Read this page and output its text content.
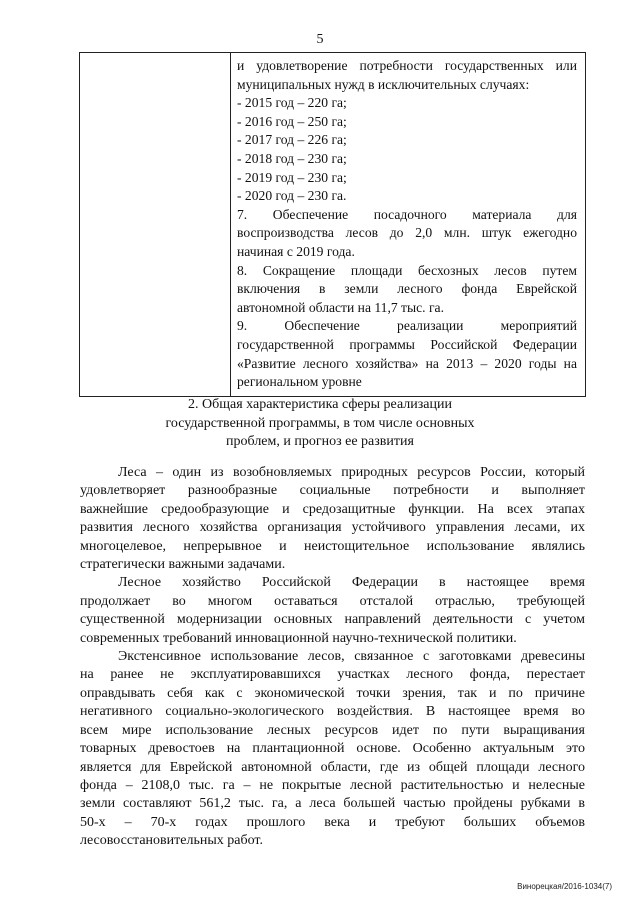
5

и удовлетворение потребности государственных или
муниципальных нужд в исключительных случаях:
- 2015 год – 220 га;
- 2016 год – 250 га;
- 2017 год – 226 га;
- 2018 год – 230 га;
- 2019 год – 230 га;
- 2020 год – 230 га.
7. Обеспечение посадочного материала для
воспроизводства лесов до 2,0 млн. штук ежегодно
начиная с 2019 года.
8. Сокращение площади бесхозных лесов путем
включения в земли лесного фонда Еврейской
автономной области на 11,7 тыс. га.
9. Обеспечение реализации мероприятий
государственной программы Российской Федерации
«Развитие лесного хозяйства» на 2013 – 2020 годы на
региональном уровне
2. Общая характеристика сферы реализации
государственной программы, в том числе основных
проблем, и прогноз ее развития

Леса – один из возобновляемых природных ресурсов России, который
удовлетворяет разнообразные социальные потребности и выполняет
важнейшие средообразующие и средозащитные функции. На всех этапах
развития лесного хозяйства организация устойчивого управления лесами, их
многоцелевое, непрерывное и неистощительное использование являлись
стратегически важными задачами.

Лесное хозяйство Российской Федерации в настоящее время
продолжает во многом оставаться отсталой отраслью, требующей
существенной модернизации основных направлений деятельности с учетом
современных требований инновационной научно-технической политики.

Экстенсивное использование лесов, связанное с заготовками древесины
на ранее не эксплуатировавшихся участках лесного фонда, перестает
оправдывать себя как с экономической точки зрения, так и по причине
негативного социально-экологического воздействия. В настоящее время во
всем мире использование лесных ресурсов идет по пути выращивания
товарных древостоев на плантационной основе. Особенно актуальным это
является для Еврейской автономной области, где из общей площади лесного
фонда – 2108,0 тыс. га – не покрытые лесной растительностью и нелесные
земли составляют 561,2 тыс. га, а леса большей частью пройдены рубками в
50-х – 70-х годах прошлого века и требуют больших объемов
лесовосстановительных работ.

Винорецкая/2016-1034(7)
